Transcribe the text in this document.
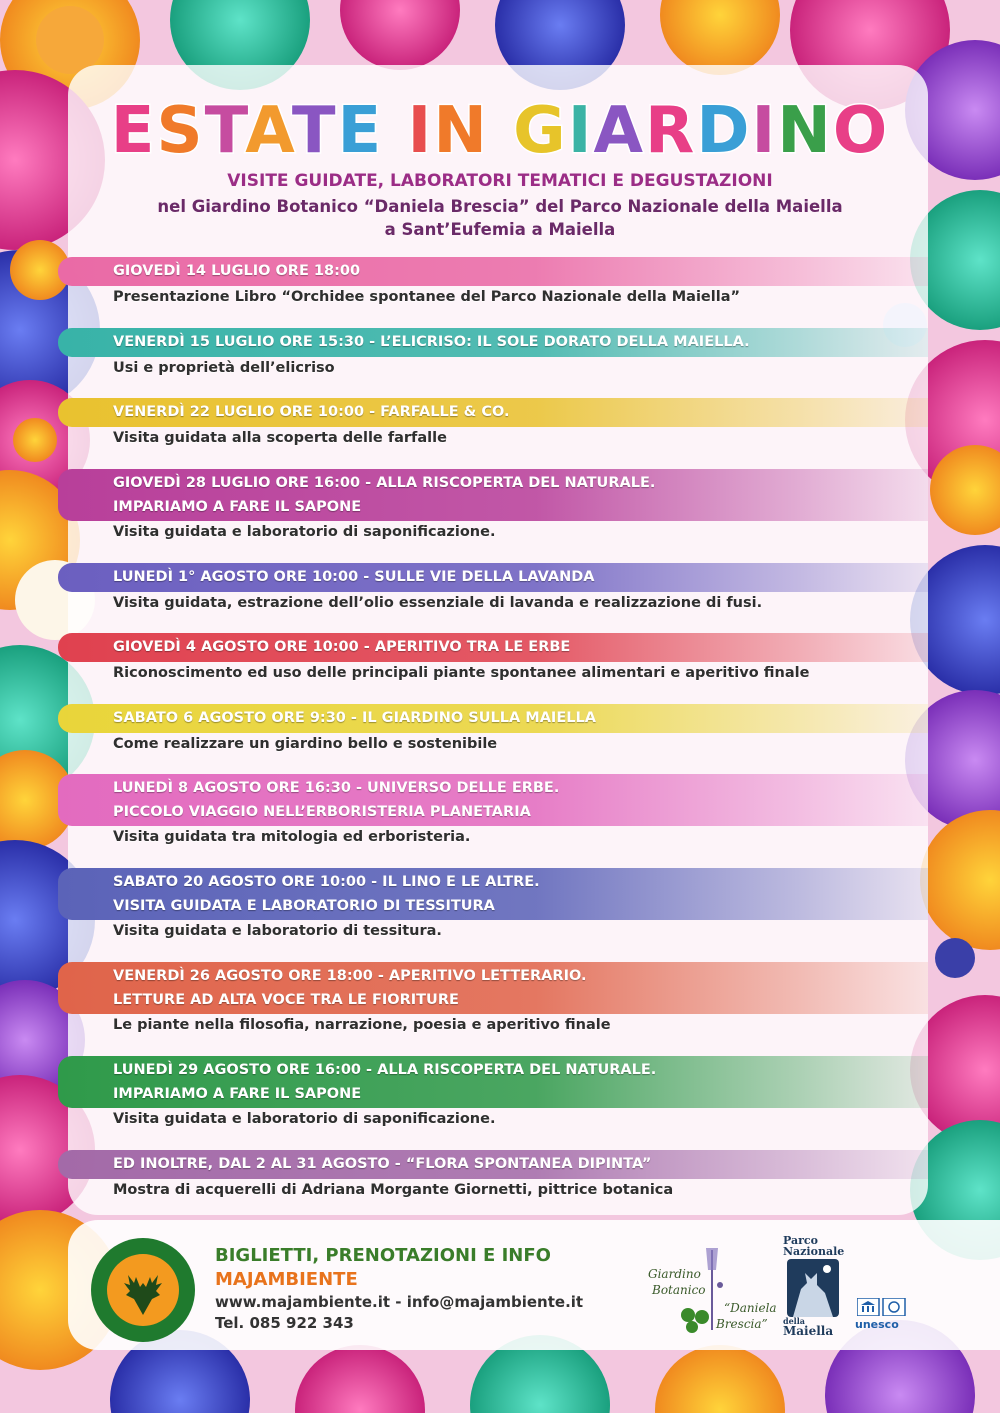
ESTATE IN GIARDINO
VISITE GUIDATE, LABORATORI TEMATICI E DEGUSTAZIONI
nel Giardino Botanico “Daniela Brescia” del Parco Nazionale della Maiella
a Sant’Eufemia a Maiella
GIOVEDÌ 14 LUGLIO ORE 18:00
Presentazione Libro “Orchidee spontanee del Parco Nazionale della Maiella”
VENERDÌ 15 LUGLIO ORE 15:30 - L’ELICRISO: IL SOLE DORATO DELLA MAIELLA.
Usi e proprietà dell’elicriso
VENERDÌ 22 LUGLIO ORE 10:00 - FARFALLE & CO.
Visita guidata alla scoperta delle farfalle
GIOVEDÌ 28 LUGLIO ORE 16:00 - ALLA RISCOPERTA DEL NATURALE.
IMPARIAMO A FARE IL SAPONE
Visita guidata e laboratorio di saponificazione.
LUNEDÌ 1° AGOSTO ORE 10:00 - SULLE VIE DELLA LAVANDA
Visita guidata, estrazione dell’olio essenziale di lavanda e realizzazione di fusi.
GIOVEDÌ 4 AGOSTO ORE 10:00 - APERITIVO TRA LE ERBE
Riconoscimento ed uso delle principali piante spontanee alimentari e aperitivo finale
SABATO 6 AGOSTO ORE 9:30 - IL GIARDINO SULLA MAIELLA
Come realizzare un giardino bello e sostenibile
LUNEDÌ 8 AGOSTO ORE 16:30 - UNIVERSO DELLE ERBE.
PICCOLO VIAGGIO NELL’ERBORISTERIA PLANETARIA
Visita guidata tra mitologia ed erboristeria.
SABATO 20 AGOSTO ORE 10:00 - IL LINO E LE ALTRE.
VISITA GUIDATA E LABORATORIO DI TESSITURA
Visita guidata e laboratorio di tessitura.
VENERDÌ 26 AGOSTO ORE 18:00 - APERITIVO LETTERARIO.
LETTURE AD ALTA VOCE TRA LE FIORITURE
Le piante nella filosofia, narrazione, poesia e aperitivo finale
LUNEDÌ 29 AGOSTO ORE 16:00 - ALLA RISCOPERTA DEL NATURALE.
IMPARIAMO A FARE IL SAPONE
Visita guidata e laboratorio di saponificazione.
ED INOLTRE, DAL 2 AL 31 AGOSTO - “FLORA SPONTANEA DIPINTA”
Mostra di acquerelli di Adriana Morgante Giornetti, pittrice botanica
BIGLIETTI, PRENOTAZIONI E INFO
MAJAMBIENTE
www.majambiente.it - info@majambiente.it
Tel. 085 922 343
Giardino
Botanico
“Daniela
Brescia”
Parco
Nazionale
della
Maiella	unesco
